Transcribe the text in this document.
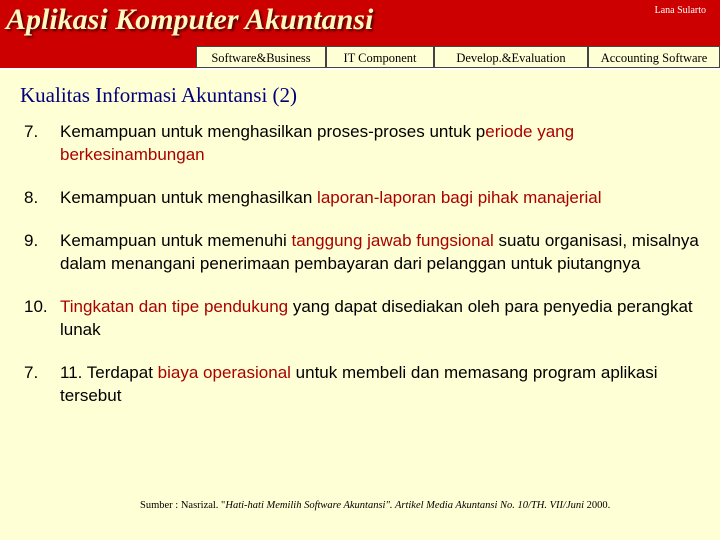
Aplikasi Komputer Akuntansi	Lana Sularto
Software&Business	IT Component	Develop.&Evaluation	Accounting Software
Kualitas Informasi Akuntansi (2)
7. Kemampuan untuk menghasilkan proses-proses untuk periode yang berkesinambungan
8. Kemampuan untuk menghasilkan laporan-laporan bagi pihak manajerial
9. Kemampuan untuk memenuhi tanggung jawab fungsional suatu organisasi, misalnya dalam menangani penerimaan pembayaran dari pelanggan untuk piutangnya
10. Tingkatan dan tipe pendukung yang dapat disediakan oleh para penyedia perangkat lunak
7. 11. Terdapat biaya operasional untuk membeli dan memasang program aplikasi tersebut
Sumber : Nasrizal. "Hati-hati Memilih Software Akuntansi". Artikel Media Akuntansi No. 10/TH. VII/Juni 2000.
